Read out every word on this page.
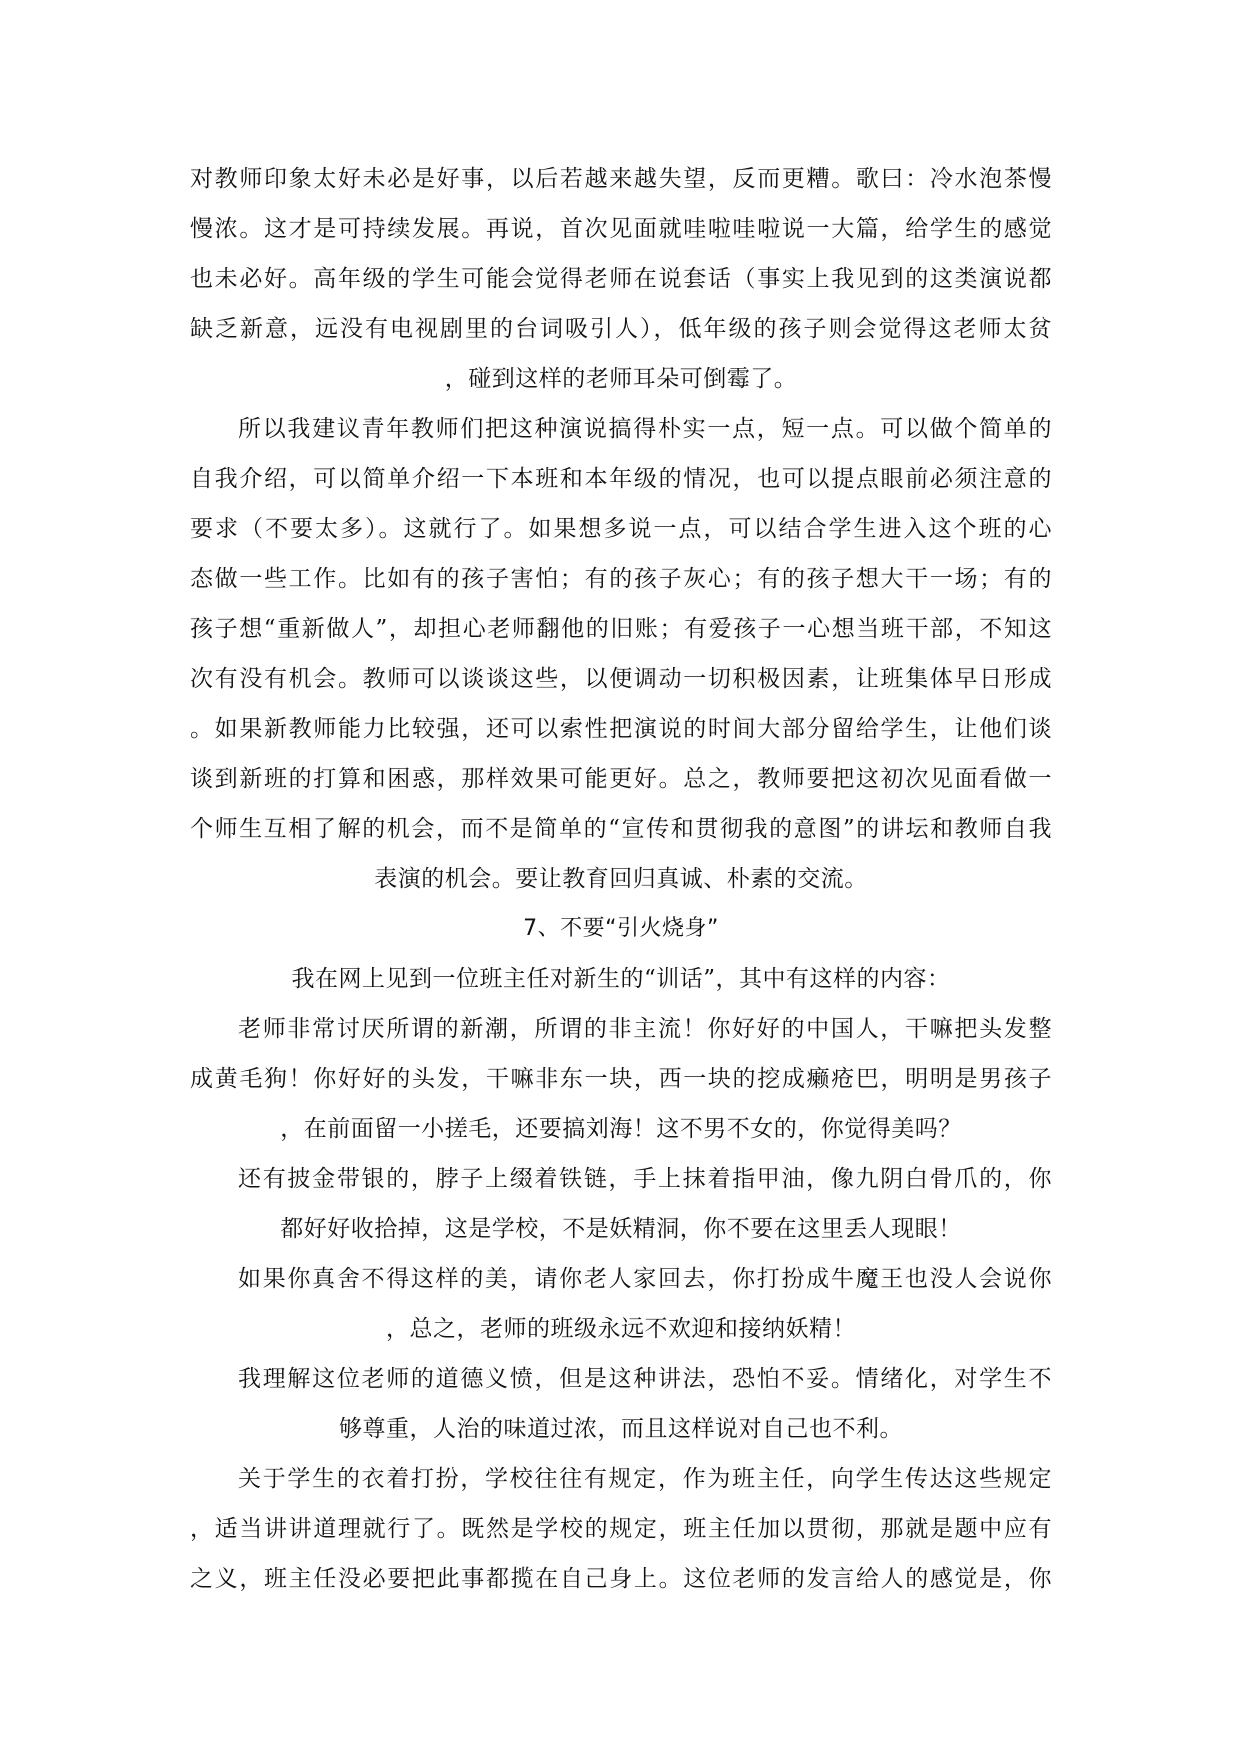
对教师印象太好未必是好事，以后若越来越失望，反而更糟。歌曰：冷水泡茶慢
慢浓。这才是可持续发展。再说，首次见面就哇啦哇啦说一大篇，给学生的感觉
也未必好。高年级的学生可能会觉得老师在说套话（事实上我见到的这类演说都
缺乏新意，远没有电视剧里的台词吸引人），低年级的孩子则会觉得这老师太贫
，碰到这样的老师耳朵可倒霉了。
所以我建议青年教师们把这种演说搞得朴实一点，短一点。可以做个简单的
自我介绍，可以简单介绍一下本班和本年级的情况，也可以提点眼前必须注意的
要求（不要太多）。这就行了。如果想多说一点，可以结合学生进入这个班的心
态做一些工作。比如有的孩子害怕；有的孩子灰心；有的孩子想大干一场；有的
孩子想“重新做人”，却担心老师翻他的旧账；有爱孩子一心想当班干部，不知这
次有没有机会。教师可以谈谈这些，以便调动一切积极因素，让班集体早日形成
。如果新教师能力比较强，还可以索性把演说的时间大部分留给学生，让他们谈
谈到新班的打算和困惑，那样效果可能更好。总之，教师要把这初次见面看做一
个师生互相了解的机会，而不是简单的“宣传和贯彻我的意图”的讲坛和教师自我
表演的机会。要让教育回归真诚、朴素的交流。
7、不要“引火烧身”
我在网上见到一位班主任对新生的“训话”，其中有这样的内容：
老师非常讨厌所谓的新潮，所谓的非主流！你好好的中国人，干嘛把头发整
成黄毛狗！你好好的头发，干嘛非东一块，西一块的挖成癞疮巴，明明是男孩子
，在前面留一小搓毛，还要搞刘海！这不男不女的，你觉得美吗？
还有披金带银的，脖子上缀着铁链，手上抹着指甲油，像九阴白骨爪的，你
都好好收拾掉，这是学校，不是妖精洞，你不要在这里丢人现眼！
如果你真舍不得这样的美，请你老人家回去，你打扮成牛魔王也没人会说你
，总之，老师的班级永远不欢迎和接纳妖精！
我理解这位老师的道德义愤，但是这种讲法，恐怕不妥。情绪化，对学生不
够尊重，人治的味道过浓，而且这样说对自己也不利。
关于学生的衣着打扮，学校往往有规定，作为班主任，向学生传达这些规定
，适当讲讲道理就行了。既然是学校的规定，班主任加以贯彻，那就是题中应有
之义，班主任没必要把此事都揽在自己身上。这位老师的发言给人的感觉是，你
